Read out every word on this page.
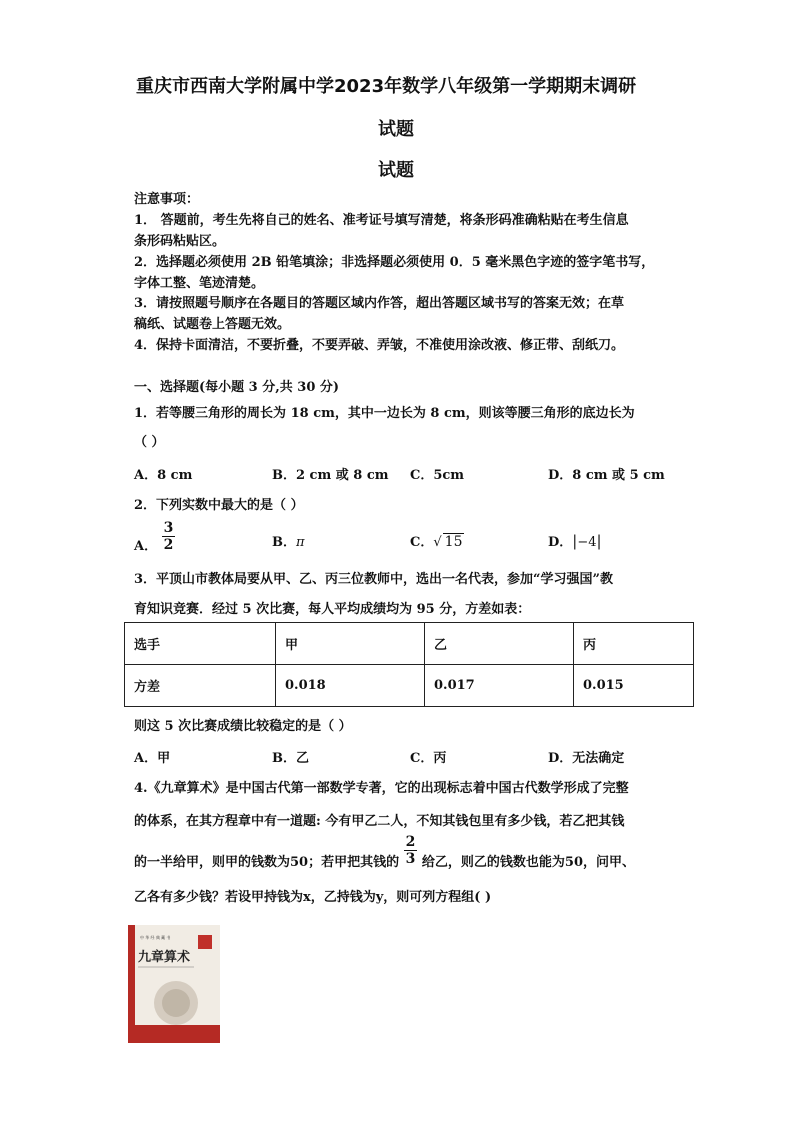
重庆市西南大学附属中学2023年数学八年级第一学期期末调研
试题
试题
注意事项：
1． 答题前，考生先将自己的姓名、准考证号填写清楚，将条形码准确粘贴在考生信息
条形码粘贴区。
2．选择题必须使用 2B 铅笔填涂；非选择题必须使用 0．5 毫米黑色字迹的签字笔书写，
字体工整、笔迹清楚。
3．请按照题号顺序在各题目的答题区域内作答，超出答题区域书写的答案无效；在草
稿纸、试题卷上答题无效。
4．保持卡面清洁，不要折叠，不要弄破、弄皱，不准使用涂改液、修正带、刮纸刀。
一、选择题(每小题 3 分,共 30 分)
1．若等腰三角形的周长为 18 cm，其中一边长为 8 cm，则该等腰三角形的底边长为
（ ）
A．8 cm	B．2 cm 或 8 cm C．5cm	D．8 cm 或 5 cm
2．下列实数中最大的是（ ）
A． $\frac{3}{2}$	B．π	C．√ 15	D．|−4|
3．平顶山市教体局要从甲、乙、丙三位教师中，选出一名代表，参加“学习强国”教
育知识竞赛．经过 5 次比赛，每人平均成绩均为 95 分，方差如表：
选手	甲	乙	丙
方差	0.018	0.017	0.015
则这 5 次比赛成绩比较稳定的是（ ）
A．甲	B．乙	C．丙	D．无法确定
4.《九章算术》是中国古代第一部数学专著，它的出现标志着中国古代数学形成了完整
的体系，在其方程章中有一道题: 今有甲乙二人，不知其钱包里有多少钱，若乙把其钱
的一半给甲，则甲的钱数为50；若甲把其钱的 $\frac{2}{3}$ 给乙，则乙的钱数也能为50，问甲、
乙各有多少钱？若设甲持钱为x，乙持钱为y，则可列方程组( )
中 华 经 典 藏 书
九章算术
